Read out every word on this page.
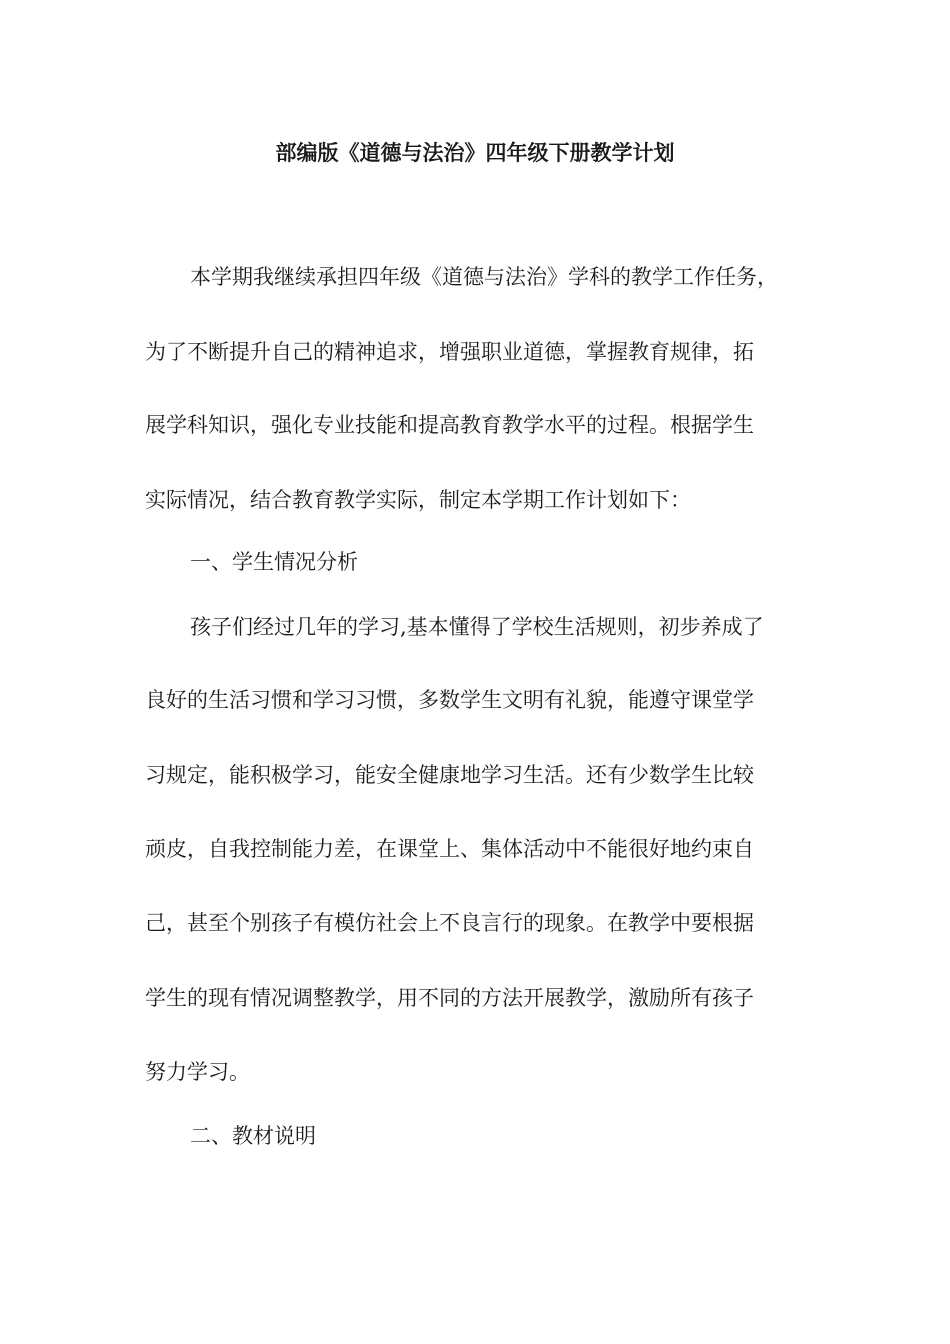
部编版《道德与法治》四年级下册教学计划
本学期我继续承担四年级《道德与法治》学科的教学工作任务，
为了不断提升自己的精神追求，增强职业道德，掌握教育规律，拓
展学科知识，强化专业技能和提高教育教学水平的过程。根据学生
实际情况，结合教育教学实际，制定本学期工作计划如下：
一、学生情况分析
孩子们经过几年的学习,基本懂得了学校生活规则，初步养成了
良好的生活习惯和学习习惯，多数学生文明有礼貌，能遵守课堂学
习规定，能积极学习，能安全健康地学习生活。还有少数学生比较
顽皮，自我控制能力差，在课堂上、集体活动中不能很好地约束自
己，甚至个别孩子有模仿社会上不良言行的现象。在教学中要根据
学生的现有情况调整教学，用不同的方法开展教学，激励所有孩子
努力学习。
二、教材说明
